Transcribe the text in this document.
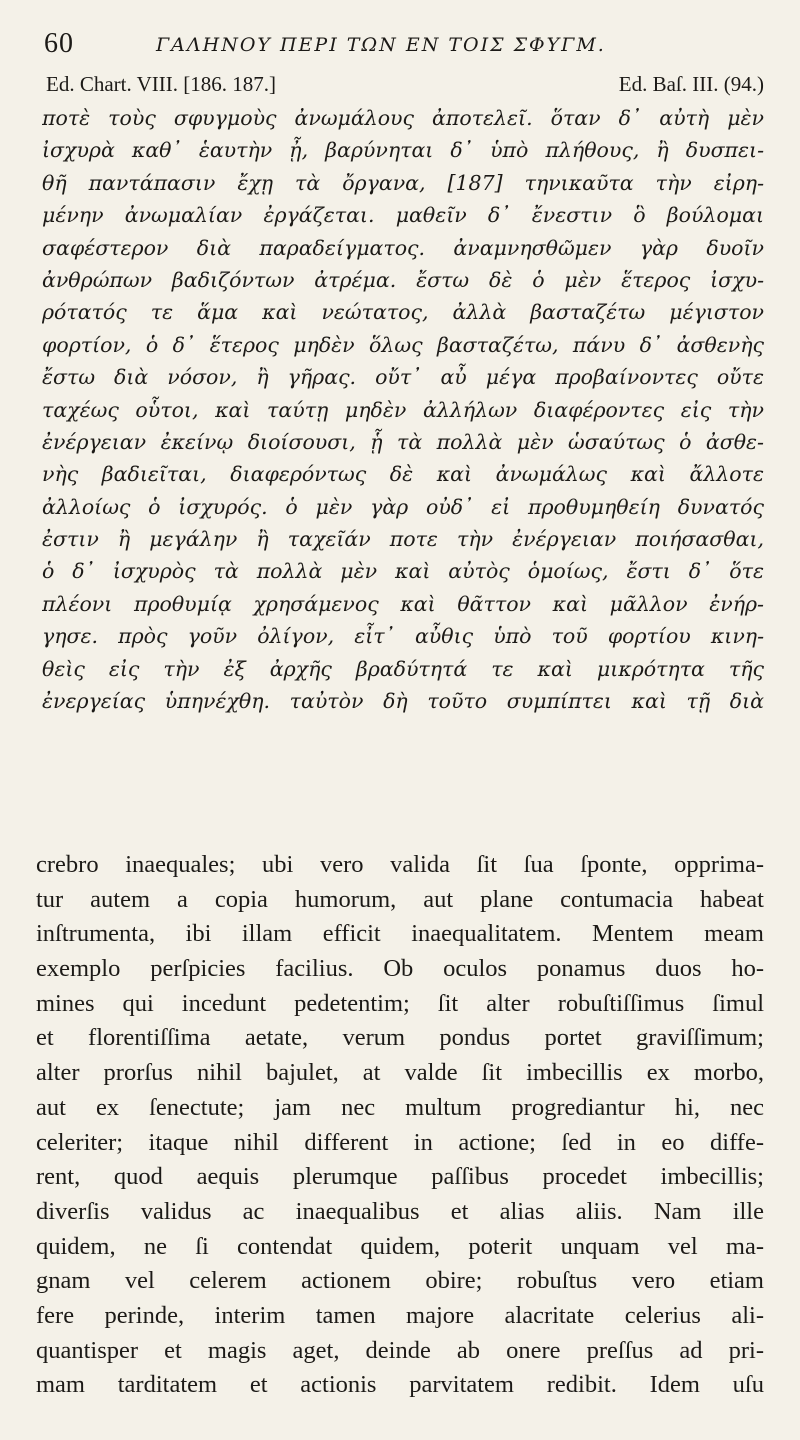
60	ΓΑΛΗΝΟΥ ΠΕΡΙ ΤΩΝ ΕΝ ΤΟΙΣ ΣΦΥΓΜ.
Ed. Chart. VIII. [186. 187.]	Ed. Baſ. III. (94.)
ποτὲ τοὺς σφυγμοὺς ἀνωμάλους ἀποτελεῖ. ὅταν δ᾽ αὐτὴ μὲν
ἰσχυρὰ καθ᾽ ἑαυτὴν ᾖ, βαρύνηται δ᾽ ὑπὸ πλήθους, ἢ δυσπει-
θῆ παντάπασιν ἔχῃ τὰ ὄργανα, [187] τηνικαῦτα τὴν εἰρη-
μένην ἀνωμαλίαν ἐργάζεται. μαθεῖν δ᾽ ἔνεστιν ὃ βούλομαι
σαφέστερον διὰ παραδείγματος. ἀναμνησθῶμεν γὰρ δυοῖν
ἀνθρώπων βαδιζόντων ἀτρέμα. ἔστω δὲ ὁ μὲν ἕτερος ἰσχυ-
ρότατός τε ἅμα καὶ νεώτατος, ἀλλὰ βασταζέτω μέγιστον
φορτίον, ὁ δ᾽ ἕτερος μηδὲν ὅλως βασταζέτω, πάνυ δ᾽ ἀσθενὴς
ἔστω διὰ νόσον, ἢ γῆρας. οὔτ᾽ αὖ μέγα προβαίνοντες οὔτε
ταχέως οὗτοι, καὶ ταύτῃ μηδὲν ἀλλήλων διαφέροντες εἰς τὴν
ἐνέργειαν ἐκείνῳ διοίσουσι, ᾗ τὰ πολλὰ μὲν ὡσαύτως ὁ ἀσθε-
νὴς βαδιεῖται, διαφερόντως δὲ καὶ ἀνωμάλως καὶ ἄλλοτε
ἀλλοίως ὁ ἰσχυρός. ὁ μὲν γὰρ οὐδ᾽ εἰ προθυμηθείη δυνατός
ἐστιν ἢ μεγάλην ἢ ταχεῖάν ποτε τὴν ἐνέργειαν ποιήσασθαι,
ὁ δ᾽ ἰσχυρὸς τὰ πολλὰ μὲν καὶ αὐτὸς ὁμοίως, ἔστι δ᾽ ὅτε
πλέονι προθυμίᾳ χρησάμενος καὶ θᾶττον καὶ μᾶλλον ἐνήρ-
γησε. πρὸς γοῦν ὀλίγον, εἶτ᾽ αὖθις ὑπὸ τοῦ φορτίου κινη-
θεὶς εἰς τὴν ἐξ ἀρχῆς βραδύτητά τε καὶ μικρότητα τῆς
ἐνεργείας ὑπηνέχθη. ταὐτὸν δὴ τοῦτο συμπίπτει καὶ τῇ διὰ
crebro inaequales; ubi vero valida ſit ſua ſponte, opprima-
tur autem a copia humorum, aut plane contumacia habeat
inſtrumenta, ibi illam efficit inaequalitatem. Mentem meam
exemplo perſpicies facilius. Ob oculos ponamus duos ho-
mines qui incedunt pedetentim; ſit alter robuſtiſſimus ſimul
et florentiſſima aetate, verum pondus portet graviſſimum;
alter prorſus nihil bajulet, at valde ſit imbecillis ex morbo,
aut ex ſenectute; jam nec multum progrediantur hi, nec
celeriter; itaque nihil different in actione; ſed in eo diffe-
rent, quod aequis plerumque paſſibus procedet imbecillis;
diverſis validus ac inaequalibus et alias aliis. Nam ille
quidem, ne ſi contendat quidem, poterit unquam vel ma-
gnam vel celerem actionem obire; robuſtus vero etiam
fere perinde, interim tamen majore alacritate celerius ali-
quantisper et magis aget, deinde ab onere preſſus ad pri-
mam tarditatem et actionis parvitatem redibit. Idem uſu
